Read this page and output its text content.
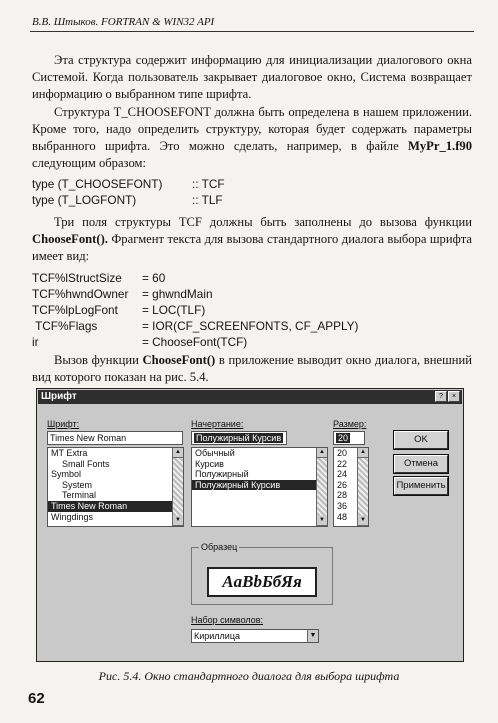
В.В. Штыков. FORTRAN & WIN32 API
Эта структура содержит информацию для инициализации диалогового окна Системой. Когда пользователь закрывает диалоговое окно, Система возвращает информацию о выбранном типе шрифта.
Структура T_CHOOSEFONT должна быть определена в нашем приложении. Кроме того, надо определить структуру, которая будет содержать параметры выбранного шрифта. Это можно сделать, например, в файле MyPr_1.f90 следующим образом:
type (T_CHOOSEFONT)	:: TCF
type (T_LOGFONT)	:: TLF
Три поля структуры TCF должны быть заполнены до вызова функции ChooseFont(). Фрагмент текста для вызова стандартного диалога выбора шрифта имеет вид:
TCF%lStructSize	= 60
TCF%hwndOwner	= ghwndMain
TCF%lpLogFont	= LOC(TLF)
TCF%Flags	= IOR(CF_SCREENFONTS, CF_APPLY)
ir	= ChooseFont(TCF)
Вызов функции ChooseFont() в приложение выводит окно диалога, внешний вид которого показан на рис. 5.4.
Шрифт	?	×
Шрифт:
Times New Roman
MT Extra
Small Fonts
Symbol
System
Terminal
Times New Roman
Wingdings
▲
▼
Начертание:
Полужирный Курсив
Обычный
Курсив
Полужирный
Полужирный Курсив
▲
▼
Размер:
20
20
22
24
26
28
36
48
▲
▼
OK
Отмена
Применить
Образец
AaBbБбЯя
Набор символов:
Кириллица	▼
Рис. 5.4. Окно стандартного диалога для выбора шрифта
62
